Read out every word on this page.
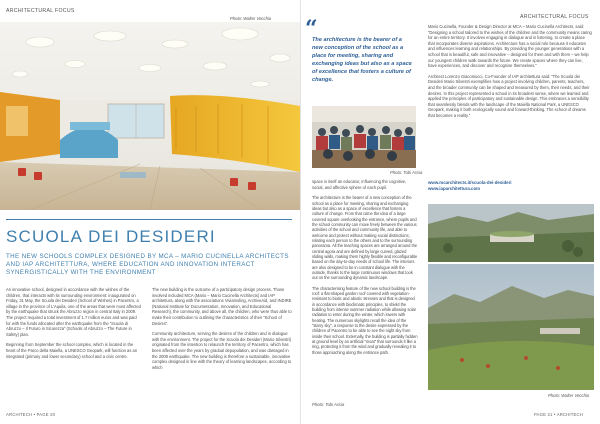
ARCHITECTURAL FOCUS
Photo: Walter Vecchio
SCUOLA DEI DESIDERI
THE NEW SCHOOLS COMPLEX DESIGNED BY MCA – MARIO CUCINELLA ARCHITECTS AND IAP ARCHITETTURA, WHERE EDUCATION AND INNOVATION INTERACT SYNERGISTICALLY WITH THE ENVIRONMENT

An innovative school, designed in accordance with the wishes of the children, that interacts with its surrounding environment: inaugurated on Friday, 31 May, the Scuola dei Desideri (School of Wishes) in Pacentro, a village in the province of L’Aquila, one of the areas that were most affected by the earthquake that struck the Abruzzo region in central Italy in 2009. The project required a total investment of 1.7 million euros and was paid for with the funds allocated after the earthquake from the “Scuola di Abruzzo – Il Futuro in Sicurezza” (Schools of Abruzzo – The Future in Safety) plan.

Beginning from September the school complex, which is located in the heart of the Parco della Maiella, a UNESCO Geopark, will function as an integrated (primary and lower secondary) school and a civic centre.

The new building is the outcome of a participatory design process. Those involved included MCA (Mario – Mario Cucinella Architects) and IAP architettura, along with the associations Viviamoling, ArchiveAid, and INDIRE (National Institute for Documentation, Innovation, and Educational Research), the community, and above all, the children, who were thus able to make their contribution to outlining the characteristics of their “School of Desires”.

Community architecture, serving the desires of the children and in dialogue with the environment. The project for the Scuola dei Desideri (Mario Silvestri) originated from the intention to relaunch the territory of Pacentro, which has been affected over the years by gradual depopulation, and was damaged in the 2009 earthquake. The new building is therefore a sustainable, innovative complex designed in line with the theory of learning landscapes, according to which

ARCHITECH • PAGE 20
ARCHITECTURAL FOCUS
“
The architecture is the bearer of a new conception of the school as a place for meeting, sharing and exchanging ideas but also as a space of excellence that fosters a culture of change.
Photo: Tobi Assia

space is itself an educator, influencing the cognitive, social, and affective sphere of each pupil.

The architecture is the bearer of a new conception of the school as a place for meeting, sharing and exchanging ideas but also as a space of excellence that fosters a culture of change. From that came the idea of a large covered square overlooking the entrance, where pupils and the school community can move freely between the various activities of the school and community life, and able to welcome and protect without making social distinctions; relating each person to the others and to the surrounding panorama. All the teaching spaces are arranged around the central agora and are defined by large curved, glazed sliding walls, making them highly flexible and reconfigurable based on the day-to-day needs of school life. The interiors are also designed to be in constant dialogue with the outside, thanks to the large continuous windows that look out on the surrounding dynamic landscape.

The characterising feature of the new school building is the roof: a flat-shaped garden roof covered with vegetation-resistant to biotic and abiotic stresses and that is designed in accordance with bioclimatic principles, to shield the building from intense summer radiation while allowing solar radiation to enter during the winter, which lowers with heating. The numerous skylights recall the idea of the “starry sky”, a response to the desire expressed by the children of Pacentro to be able to see the night sky from inside their school. Externally, the building is partially hidden at ground level by an artificial “moat” that surrounds it like a ring, protecting it from the wind and gradually revealing it to those approaching along the entrance path.

Photo: Tobi Assia

Mario Cucinella, Founder & Design Director at MCA – Mario Cucinella Architects, said: “Designing a school tailored to the wishes of the children and the community means caring for an entire territory. It involves engaging in dialogue and in listening, to create a place that incorporates diverse aspirations. Architecture has a social role because it educates and influences learning and relationships. By providing the younger generations with a school that is beautiful, safe and innovative – designed for them and with them – we help our youngest children walk towards the future. We create spaces where they can live, have experiences, and discover and recognise themselves.”

Architect Lorenzo Giacomucci, Co-Founder of IAP architettura said: “The Scuola dei Desideri Mario Silvestri exemplifies how a project involving children, parents, teachers, and the broader community can be shaped and measured by them, their needs, and their desires. In this project represented a school in its broadest sense, where we learned and applied the principles of participatory and sustainable design. This embraces a sensibility that seamlessly blends with the landscape of the Maiella National Park, a UNESCO Geopark, making it both ecologically sound and forward-thinking. The school of dreams that becomes a reality.”

www.mcarchitects.it/scuola-dei-desideri
www.iaparchitettura.com
Photo: Walter Vecchio
PAGE 21 • ARCHITECH
